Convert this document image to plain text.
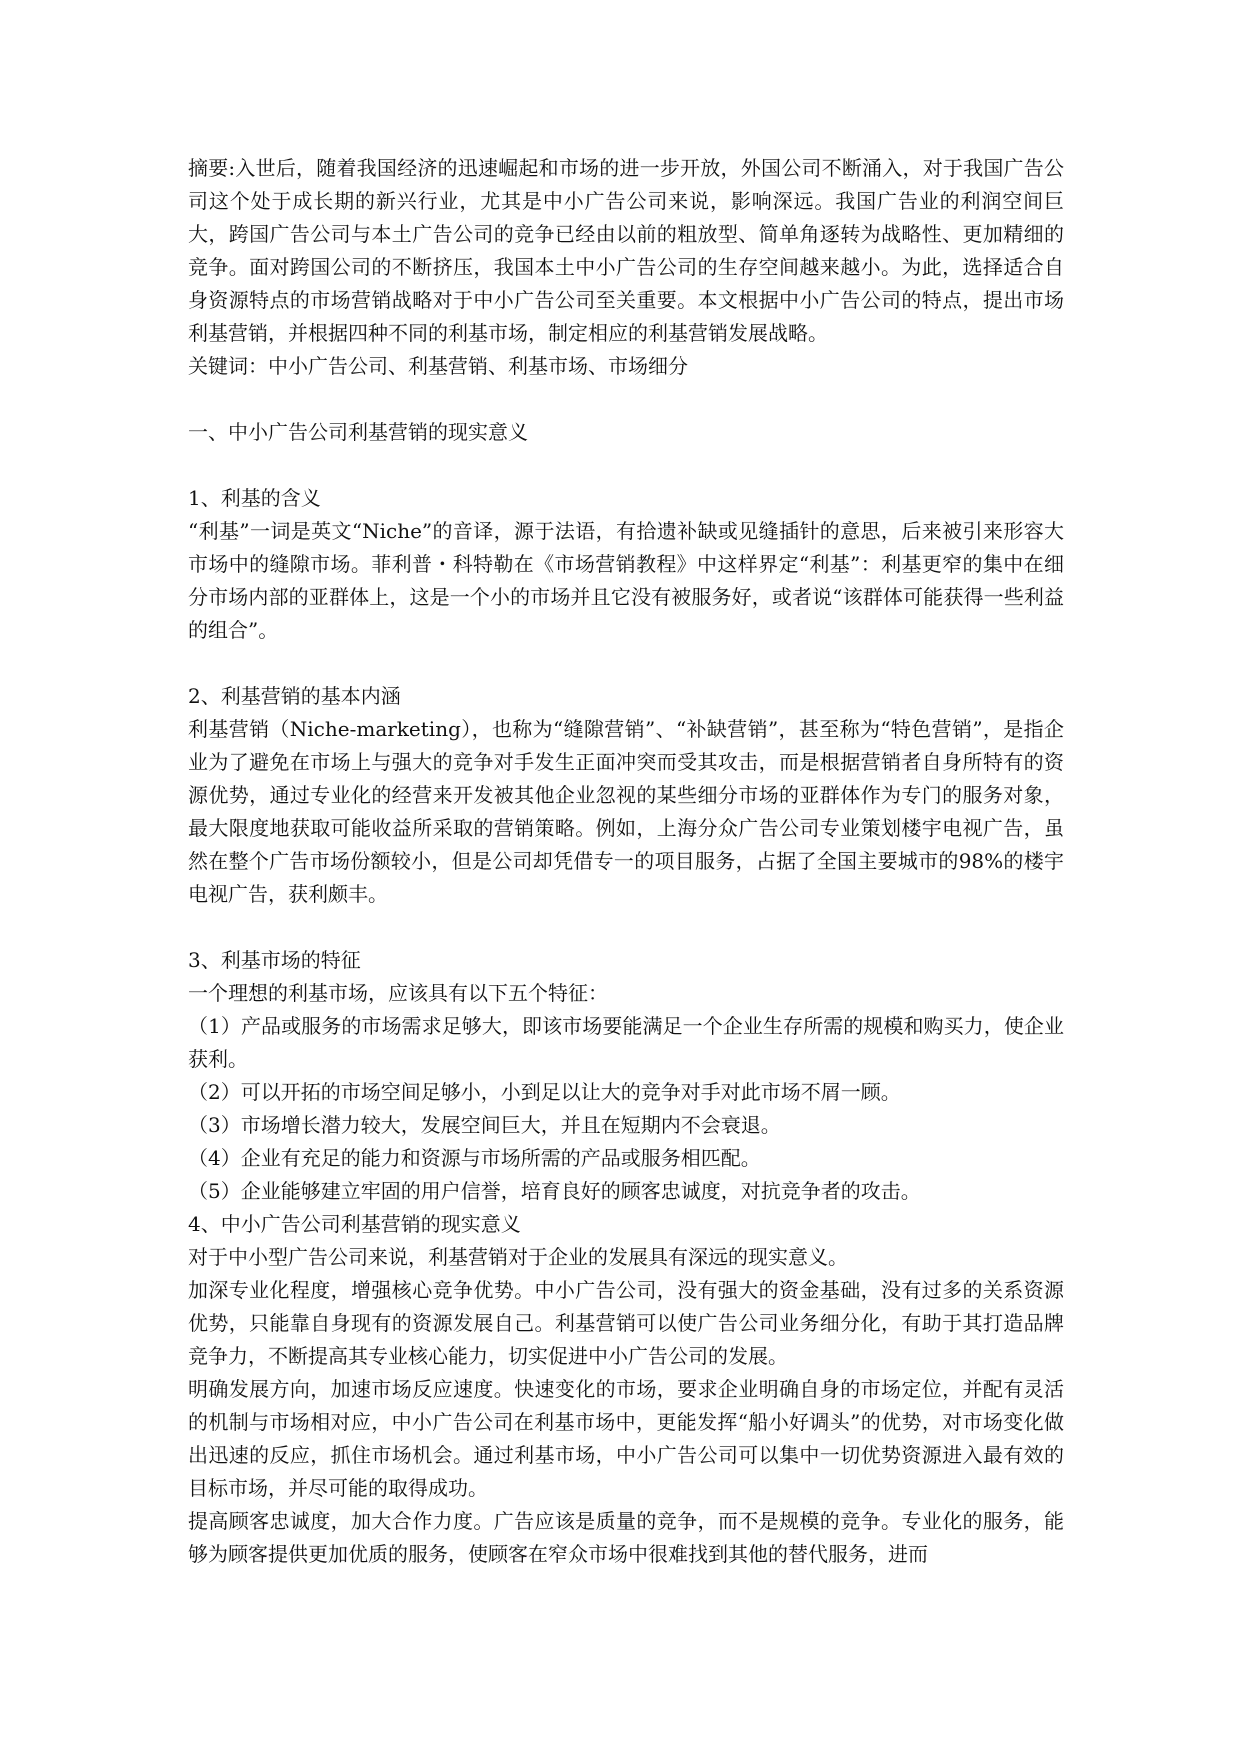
摘要:入世后，随着我国经济的迅速崛起和市场的进一步开放，外国公司不断涌入，对于我国广告公司这个处于成长期的新兴行业，尤其是中小广告公司来说，影响深远。我国广告业的利润空间巨大，跨国广告公司与本土广告公司的竞争已经由以前的粗放型、简单角逐转为战略性、更加精细的竞争。面对跨国公司的不断挤压，我国本土中小广告公司的生存空间越来越小。为此，选择适合自身资源特点的市场营销战略对于中小广告公司至关重要。本文根据中小广告公司的特点，提出市场利基营销，并根据四种不同的利基市场，制定相应的利基营销发展战略。

关键词：中小广告公司、利基营销、利基市场、市场细分

一、中小广告公司利基营销的现实意义

1、利基的含义

“利基”一词是英文“Niche”的音译，源于法语，有拾遗补缺或见缝插针的意思，后来被引来形容大市场中的缝隙市场。菲利普・科特勒在《市场营销教程》中这样界定“利基”：利基更窄的集中在细分市场内部的亚群体上，这是一个小的市场并且它没有被服务好，或者说“该群体可能获得一些利益的组合”。

2、利基营销的基本内涵

利基营销（Niche-marketing），也称为“缝隙营销”、“补缺营销”，甚至称为“特色营销”，是指企业为了避免在市场上与强大的竞争对手发生正面冲突而受其攻击，而是根据营销者自身所特有的资源优势，通过专业化的经营来开发被其他企业忽视的某些细分市场的亚群体作为专门的服务对象，最大限度地获取可能收益所采取的营销策略。例如，上海分众广告公司专业策划楼宇电视广告，虽然在整个广告市场份额较小，但是公司却凭借专一的项目服务，占据了全国主要城市的98%的楼宇电视广告，获利颇丰。

3、利基市场的特征

一个理想的利基市场，应该具有以下五个特征：

（1）产品或服务的市场需求足够大，即该市场要能满足一个企业生存所需的规模和购买力，使企业获利。

（2）可以开拓的市场空间足够小，小到足以让大的竞争对手对此市场不屑一顾。

（3）市场增长潜力较大，发展空间巨大，并且在短期内不会衰退。

（4）企业有充足的能力和资源与市场所需的产品或服务相匹配。

（5）企业能够建立牢固的用户信誉，培育良好的顾客忠诚度，对抗竞争者的攻击。

4、中小广告公司利基营销的现实意义

对于中小型广告公司来说，利基营销对于企业的发展具有深远的现实意义。

加深专业化程度，增强核心竞争优势。中小广告公司，没有强大的资金基础，没有过多的关系资源优势，只能靠自身现有的资源发展自己。利基营销可以使广告公司业务细分化，有助于其打造品牌竞争力，不断提高其专业核心能力，切实促进中小广告公司的发展。

明确发展方向，加速市场反应速度。快速变化的市场，要求企业明确自身的市场定位，并配有灵活的机制与市场相对应，中小广告公司在利基市场中，更能发挥“船小好调头”的优势，对市场变化做出迅速的反应，抓住市场机会。通过利基市场，中小广告公司可以集中一切优势资源进入最有效的目标市场，并尽可能的取得成功。

提高顾客忠诚度，加大合作力度。广告应该是质量的竞争，而不是规模的竞争。专业化的服务，能够为顾客提供更加优质的服务，使顾客在窄众市场中很难找到其他的替代服务，进而
